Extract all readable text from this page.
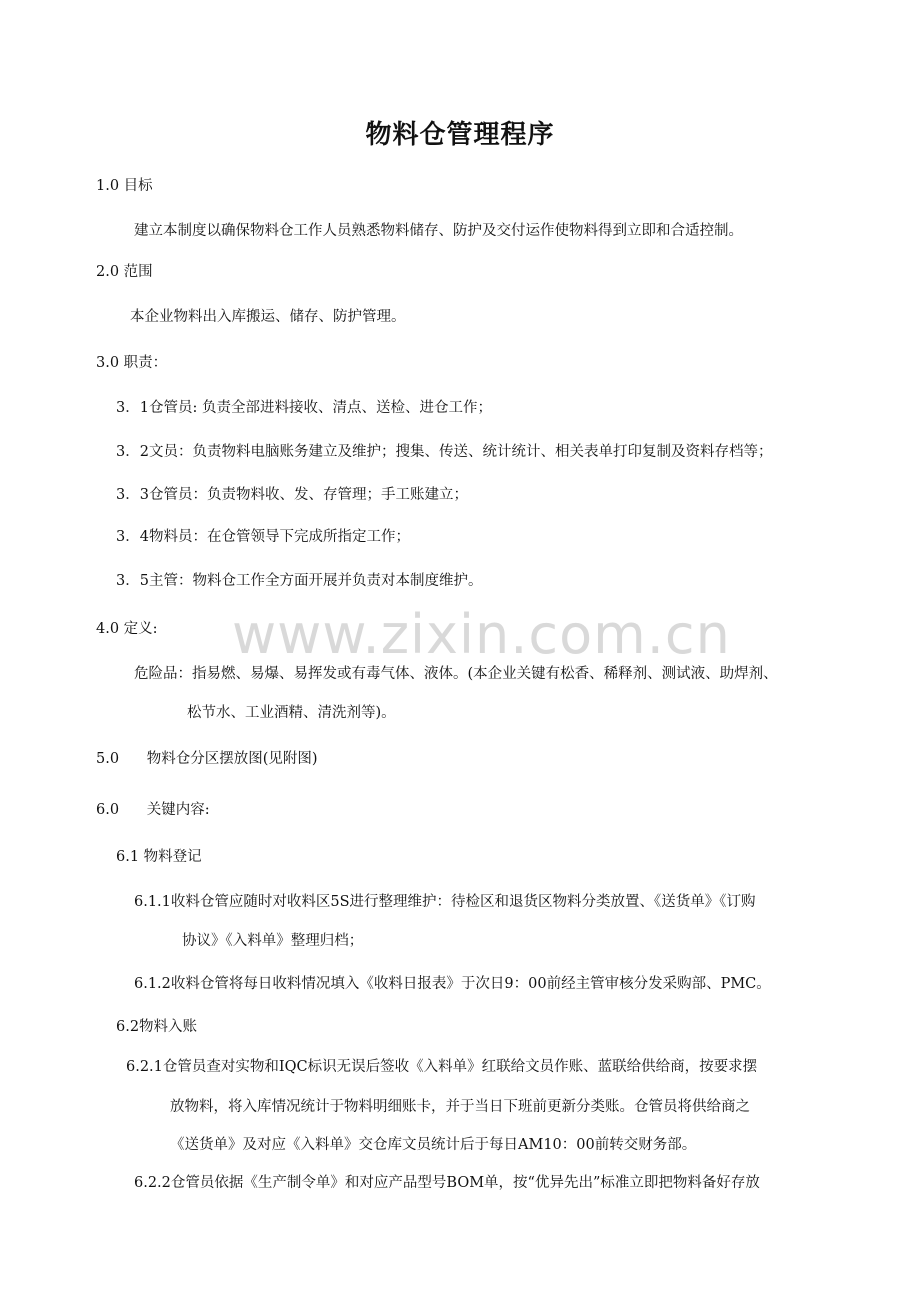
www.zixin.com.cn
物料仓管理程序
1.0 目标
建立本制度以确保物料仓工作人员熟悉物料储存、防护及交付运作使物料得到立即和合适控制。
2.0 范围
本企业物料出入库搬运、储存、防护管理。
3.0 职责：
3．1仓管员: 负责全部进料接收、清点、送检、进仓工作；
3．2文员：负责物料电脑账务建立及维护；搜集、传送、统计统计、相关表单打印复制及资料存档等；
3．3仓管员：负责物料收、发、存管理；手工账建立；
3．4物料员：在仓管领导下完成所指定工作；
3．5主管：物料仓工作全方面开展并负责对本制度维护。
4.0 定义:
危险品：指易燃、易爆、易挥发或有毒气体、液体。(本企业关键有松香、稀释剂、测试液、助焊剂、
松节水、工业酒精、清洗剂等)。
5.0      物料仓分区摆放图(见附图)
6.0      关键内容:
6.1 物料登记
6.1.1收料仓管应随时对收料区5S进行整理维护：待检区和退货区物料分类放置、《送货单》《订购
协议》《入料单》整理归档；
6.1.2收料仓管将每日收料情况填入《收料日报表》于次日9：00前经主管审核分发采购部、PMC。
6.2物料入账
6.2.1仓管员查对实物和IQC标识无误后签收《入料单》红联给文员作账、蓝联给供给商，按要求摆
放物料，将入库情况统计于物料明细账卡，并于当日下班前更新分类账。仓管员将供给商之
《送货单》及对应《入料单》交仓库文员统计后于每日AM10：00前转交财务部。
6.2.2仓管员依据《生产制令单》和对应产品型号BOM单，按“优异先出”标准立即把物料备好存放
